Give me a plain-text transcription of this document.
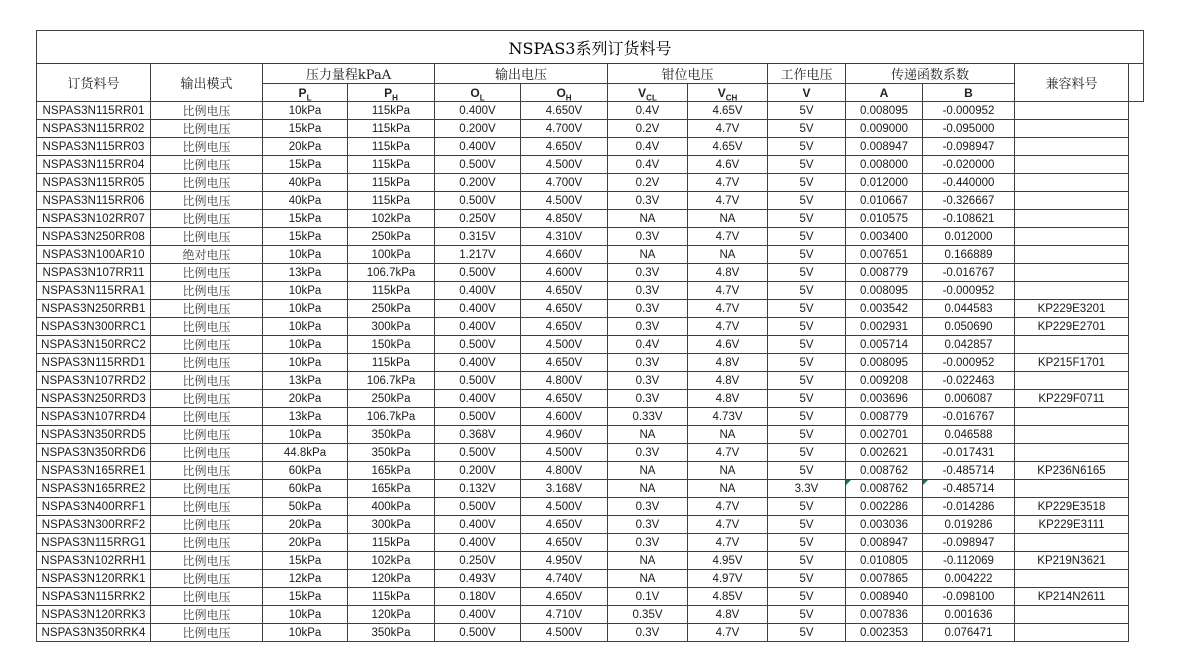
NSPAS3系列订货料号												
订货料号	输出模式	压力量程kPaA		输出电压		钳位电压		工作电压	传递函数系数		兼容料号	
		$P_L$	$P_H$	$O_L$	$O_H$	$V_{CL}$	$V_{CH}$	V	A	B		
NSPAS3N115RR01	比例电压	10kPa	115kPa	0.400V	4.650V	0.4V	4.65V	5V	0.008095	-0.000952		
NSPAS3N115RR02	比例电压	15kPa	115kPa	0.200V	4.700V	0.2V	4.7V	5V	0.009000	-0.095000		
NSPAS3N115RR03	比例电压	20kPa	115kPa	0.400V	4.650V	0.4V	4.65V	5V	0.008947	-0.098947		
NSPAS3N115RR04	比例电压	15kPa	115kPa	0.500V	4.500V	0.4V	4.6V	5V	0.008000	-0.020000		
NSPAS3N115RR05	比例电压	40kPa	115kPa	0.200V	4.700V	0.2V	4.7V	5V	0.012000	-0.440000		
NSPAS3N115RR06	比例电压	40kPa	115kPa	0.500V	4.500V	0.3V	4.7V	5V	0.010667	-0.326667		
NSPAS3N102RR07	比例电压	15kPa	102kPa	0.250V	4.850V	NA	NA	5V	0.010575	-0.108621		
NSPAS3N250RR08	比例电压	15kPa	250kPa	0.315V	4.310V	0.3V	4.7V	5V	0.003400	0.012000		
NSPAS3N100AR10	绝对电压	10kPa	100kPa	1.217V	4.660V	NA	NA	5V	0.007651	0.166889		
NSPAS3N107RR11	比例电压	13kPa	106.7kPa	0.500V	4.600V	0.3V	4.8V	5V	0.008779	-0.016767		
NSPAS3N115RRA1	比例电压	10kPa	115kPa	0.400V	4.650V	0.3V	4.7V	5V	0.008095	-0.000952		
NSPAS3N250RRB1	比例电压	10kPa	250kPa	0.400V	4.650V	0.3V	4.7V	5V	0.003542	0.044583	KP229E3201	
NSPAS3N300RRC1	比例电压	10kPa	300kPa	0.400V	4.650V	0.3V	4.7V	5V	0.002931	0.050690	KP229E2701	
NSPAS3N150RRC2	比例电压	10kPa	150kPa	0.500V	4.500V	0.4V	4.6V	5V	0.005714	0.042857		
NSPAS3N115RRD1	比例电压	10kPa	115kPa	0.400V	4.650V	0.3V	4.8V	5V	0.008095	-0.000952	KP215F1701	
NSPAS3N107RRD2	比例电压	13kPa	106.7kPa	0.500V	4.800V	0.3V	4.8V	5V	0.009208	-0.022463		
NSPAS3N250RRD3	比例电压	20kPa	250kPa	0.400V	4.650V	0.3V	4.8V	5V	0.003696	0.006087	KP229F0711	
NSPAS3N107RRD4	比例电压	13kPa	106.7kPa	0.500V	4.600V	0.33V	4.73V	5V	0.008779	-0.016767		
NSPAS3N350RRD5	比例电压	10kPa	350kPa	0.368V	4.960V	NA	NA	5V	0.002701	0.046588		
NSPAS3N350RRD6	比例电压	44.8kPa	350kPa	0.500V	4.500V	0.3V	4.7V	5V	0.002621	-0.017431		
NSPAS3N165RRE1	比例电压	60kPa	165kPa	0.200V	4.800V	NA	NA	5V	0.008762	-0.485714	KP236N6165	
NSPAS3N165RRE2	比例电压	60kPa	165kPa	0.132V	3.168V	NA	NA	3.3V	0.008762	-0.485714	

NSPAS3N400RRF1	比例电压	50kPa	400kPa	0.500V	4.500V	0.3V	4.7V	5V	0.002286	-0.014286	KP229E3518	
NSPAS3N300RRF2	比例电压	20kPa	300kPa	0.400V	4.650V	0.3V	4.7V	5V	0.003036	0.019286	KP229E3111	
NSPAS3N115RRG1	比例电压	20kPa	115kPa	0.400V	4.650V	0.3V	4.7V	5V	0.008947	-0.098947		
NSPAS3N102RRH1	比例电压	15kPa	102kPa	0.250V	4.950V	NA	4.95V	5V	0.010805	-0.112069	KP219N3621	
NSPAS3N120RRK1	比例电压	12kPa	120kPa	0.493V	4.740V	NA	4.97V	5V	0.007865	0.004222		
NSPAS3N115RRK2	比例电压	15kPa	115kPa	0.180V	4.650V	0.1V	4.85V	5V	0.008940	-0.098100	KP214N2611	
NSPAS3N120RRK3	比例电压	10kPa	120kPa	0.400V	4.710V	0.35V	4.8V	5V	0.007836	0.001636		
NSPAS3N350RRK4	比例电压	10kPa	350kPa	0.500V	4.500V	0.3V	4.7V	5V	0.002353	0.076471		
